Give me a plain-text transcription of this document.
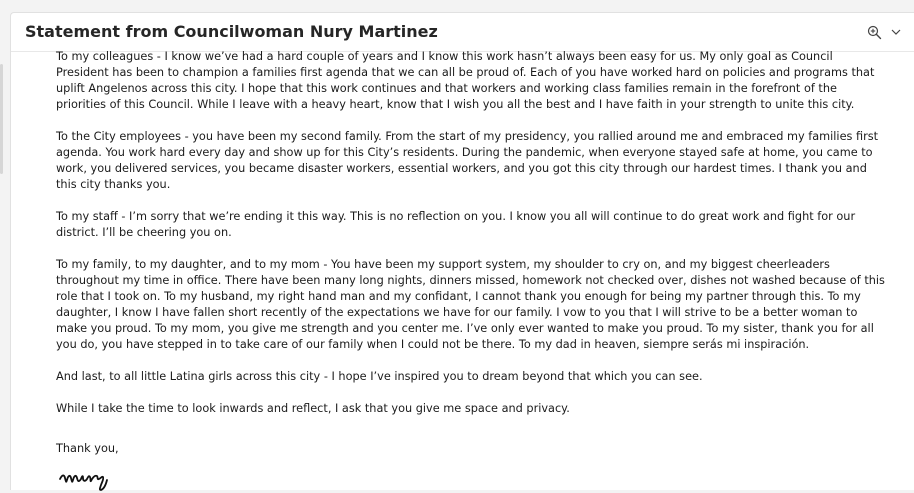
Statement from Councilwoman Nury Martinez

To my colleagues - I know we’ve had a hard couple of years and I know this work hasn’t always been easy for us. My only goal as Council President has been to champion a families first agenda that we can all be proud of. Each of you have worked hard on policies and programs that uplift Angelenos across this city. I hope that this work continues and that workers and working class families remain in the forefront of the priorities of this Council. While I leave with a heavy heart, know that I wish you all the best and I have faith in your strength to unite this city.

To the City employees - you have been my second family. From the start of my presidency, you rallied around me and embraced my families first agenda. You work hard every day and show up for this City’s residents. During the pandemic, when everyone stayed safe at home, you came to work, you delivered services, you became disaster workers, essential workers, and you got this city through our hardest times. I thank you and this city thanks you.

To my staff - I’m sorry that we’re ending it this way. This is no reflection on you. I know you all will continue to do great work and fight for our district. I’ll be cheering you on.

To my family, to my daughter, and to my mom - You have been my support system, my shoulder to cry on, and my biggest cheerleaders throughout my time in office. There have been many long nights, dinners missed, homework not checked over, dishes not washed because of this role that I took on. To my husband, my right hand man and my confidant, I cannot thank you enough for being my partner through this. To my daughter, I know I have fallen short recently of the expectations we have for our family. I vow to you that I will strive to be a better woman to make you proud. To my mom, you give me strength and you center me. I’ve only ever wanted to make you proud. To my sister, thank you for all you do, you have stepped in to take care of our family when I could not be there. To my dad in heaven, siempre serás mi inspiración.

And last, to all little Latina girls across this city - I hope I’ve inspired you to dream beyond that which you can see.

While I take the time to look inwards and reflect, I ask that you give me space and privacy.

Thank you,
